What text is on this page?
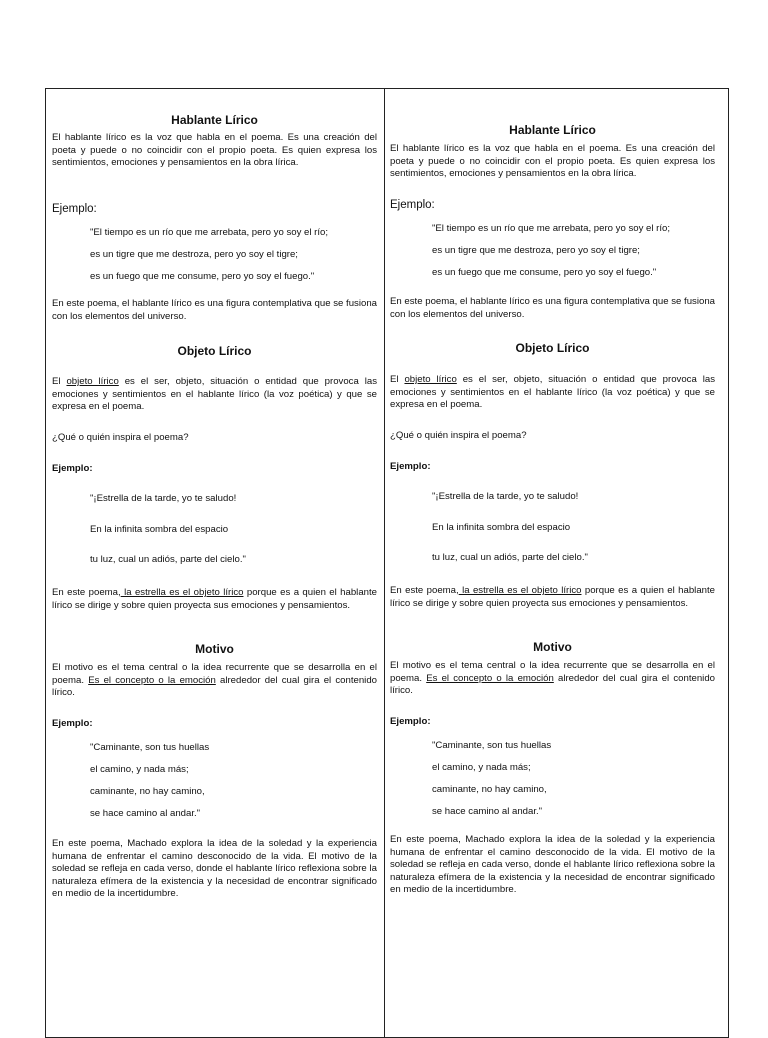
Hablante Lírico
El hablante lírico es la voz que habla en el poema. Es una creación del poeta y puede o no coincidir con el propio poeta. Es quien expresa los sentimientos, emociones y pensamientos en la obra lírica.
Ejemplo:
"El tiempo es un río que me arrebata, pero yo soy el río;
es un tigre que me destroza, pero yo soy el tigre;
es un fuego que me consume, pero yo soy el fuego."
En este poema, el hablante lírico es una figura contemplativa que se fusiona con los elementos del universo.
Objeto Lírico
El objeto lírico es el ser, objeto, situación o entidad que provoca las emociones y sentimientos en el hablante lírico (la voz poética) y que se expresa en el poema.
¿Qué o quién inspira el poema?
Ejemplo:
"¡Estrella de la tarde, yo te saludo!
En la infinita sombra del espacio
tu luz, cual un adiós, parte del cielo."
En este poema, la estrella es el objeto lírico porque es a quien el hablante lírico se dirige y sobre quien proyecta sus emociones y pensamientos.
Motivo
El motivo es el tema central o la idea recurrente que se desarrolla en el poema. Es el concepto o la emoción alrededor del cual gira el contenido lírico.
Ejemplo:
"Caminante, son tus huellas
el camino, y nada más;
caminante, no hay camino,
se hace camino al andar."
En este poema, Machado explora la idea de la soledad y la experiencia humana de enfrentar el camino desconocido de la vida. El motivo de la soledad se refleja en cada verso, donde el hablante lírico reflexiona sobre la naturaleza efímera de la existencia y la necesidad de encontrar significado en medio de la incertidumbre.
Hablante Lírico
El hablante lírico es la voz que habla en el poema. Es una creación del poeta y puede o no coincidir con el propio poeta. Es quien expresa los sentimientos, emociones y pensamientos en la obra lírica.
Ejemplo:
"El tiempo es un río que me arrebata, pero yo soy el río;
es un tigre que me destroza, pero yo soy el tigre;
es un fuego que me consume, pero yo soy el fuego."
En este poema, el hablante lírico es una figura contemplativa que se fusiona con los elementos del universo.
Objeto Lírico
El objeto lírico es el ser, objeto, situación o entidad que provoca las emociones y sentimientos en el hablante lírico (la voz poética) y que se expresa en el poema.
¿Qué o quién inspira el poema?
Ejemplo:
"¡Estrella de la tarde, yo te saludo!
En la infinita sombra del espacio
tu luz, cual un adiós, parte del cielo."
En este poema, la estrella es el objeto lírico porque es a quien el hablante lírico se dirige y sobre quien proyecta sus emociones y pensamientos.
Motivo
El motivo es el tema central o la idea recurrente que se desarrolla en el poema. Es el concepto o la emoción alrededor del cual gira el contenido lírico.
Ejemplo:
"Caminante, son tus huellas
el camino, y nada más;
caminante, no hay camino,
se hace camino al andar."
En este poema, Machado explora la idea de la soledad y la experiencia humana de enfrentar el camino desconocido de la vida. El motivo de la soledad se refleja en cada verso, donde el hablante lírico reflexiona sobre la naturaleza efímera de la existencia y la necesidad de encontrar significado en medio de la incertidumbre.
